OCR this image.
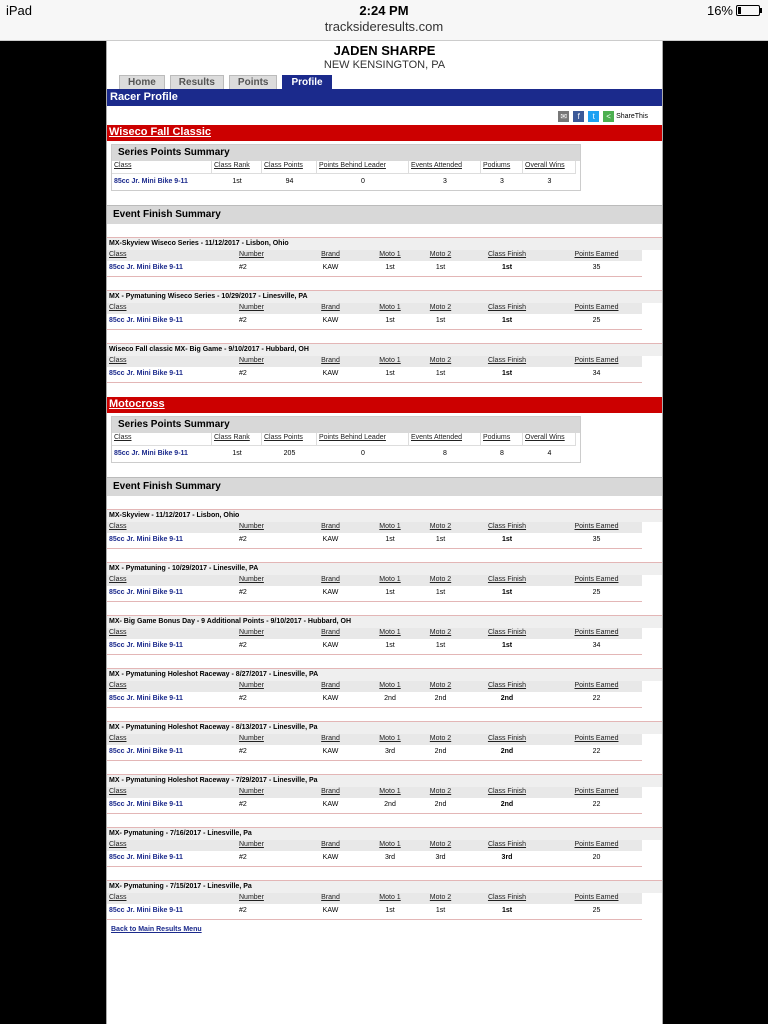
iPad	2:24 PM	16%
tracksideresults.com
JADEN SHARPE
NEW KENSINGTON, PA
Home	Results	Points	Profile
Racer Profile
✉ f t < ShareThis
Wiseco Fall Classic
Series Points Summary
Class	Class Rank	Class Points	Points Behind Leader	Events Attended	Podiums	Overall Wins
85cc Jr. Mini Bike 9-11	1st	94	0	3	3	3
Event Finish Summary
MX-Skyview Wiseco Series - 11/12/2017 - Lisbon, Ohio
Class	Number	Brand	Moto 1	Moto 2	Class Finish	Points Earned
85cc Jr. Mini Bike 9-11	#2	KAW	1st	1st	1st	35
MX - Pymatuning Wiseco Series - 10/29/2017 - Linesville, PA
Class	Number	Brand	Moto 1	Moto 2	Class Finish	Points Earned
85cc Jr. Mini Bike 9-11	#2	KAW	1st	1st	1st	25
Wiseco Fall classic MX- Big Game - 9/10/2017 - Hubbard, OH
Class	Number	Brand	Moto 1	Moto 2	Class Finish	Points Earned
85cc Jr. Mini Bike 9-11	#2	KAW	1st	1st	1st	34
Motocross
Series Points Summary
Class	Class Rank	Class Points	Points Behind Leader	Events Attended	Podiums	Overall Wins
85cc Jr. Mini Bike 9-11	1st	205	0	8	8	4
Event Finish Summary
MX-Skyview - 11/12/2017 - Lisbon, Ohio
Class	Number	Brand	Moto 1	Moto 2	Class Finish	Points Earned
85cc Jr. Mini Bike 9-11	#2	KAW	1st	1st	1st	35
MX - Pymatuning - 10/29/2017 - Linesville, PA
Class	Number	Brand	Moto 1	Moto 2	Class Finish	Points Earned
85cc Jr. Mini Bike 9-11	#2	KAW	1st	1st	1st	25
MX- Big Game Bonus Day - 9 Additional Points - 9/10/2017 - Hubbard, OH
Class	Number	Brand	Moto 1	Moto 2	Class Finish	Points Earned
85cc Jr. Mini Bike 9-11	#2	KAW	1st	1st	1st	34
MX - Pymatuning Holeshot Raceway - 8/27/2017 - Linesville, PA
Class	Number	Brand	Moto 1	Moto 2	Class Finish	Points Earned
85cc Jr. Mini Bike 9-11	#2	KAW	2nd	2nd	2nd	22
MX - Pymatuning Holeshot Raceway - 8/13/2017 - Linesville, Pa
Class	Number	Brand	Moto 1	Moto 2	Class Finish	Points Earned
85cc Jr. Mini Bike 9-11	#2	KAW	3rd	2nd	2nd	22
MX - Pymatuning Holeshot Raceway - 7/29/2017 - Linesville, Pa
Class	Number	Brand	Moto 1	Moto 2	Class Finish	Points Earned
85cc Jr. Mini Bike 9-11	#2	KAW	2nd	2nd	2nd	22
MX- Pymatuning - 7/16/2017 - Linesville, Pa
Class	Number	Brand	Moto 1	Moto 2	Class Finish	Points Earned
85cc Jr. Mini Bike 9-11	#2	KAW	3rd	3rd	3rd	20
MX- Pymatuning - 7/15/2017 - Linesville, Pa
Class	Number	Brand	Moto 1	Moto 2	Class Finish	Points Earned
85cc Jr. Mini Bike 9-11	#2	KAW	1st	1st	1st	25
Back to Main Results Menu
